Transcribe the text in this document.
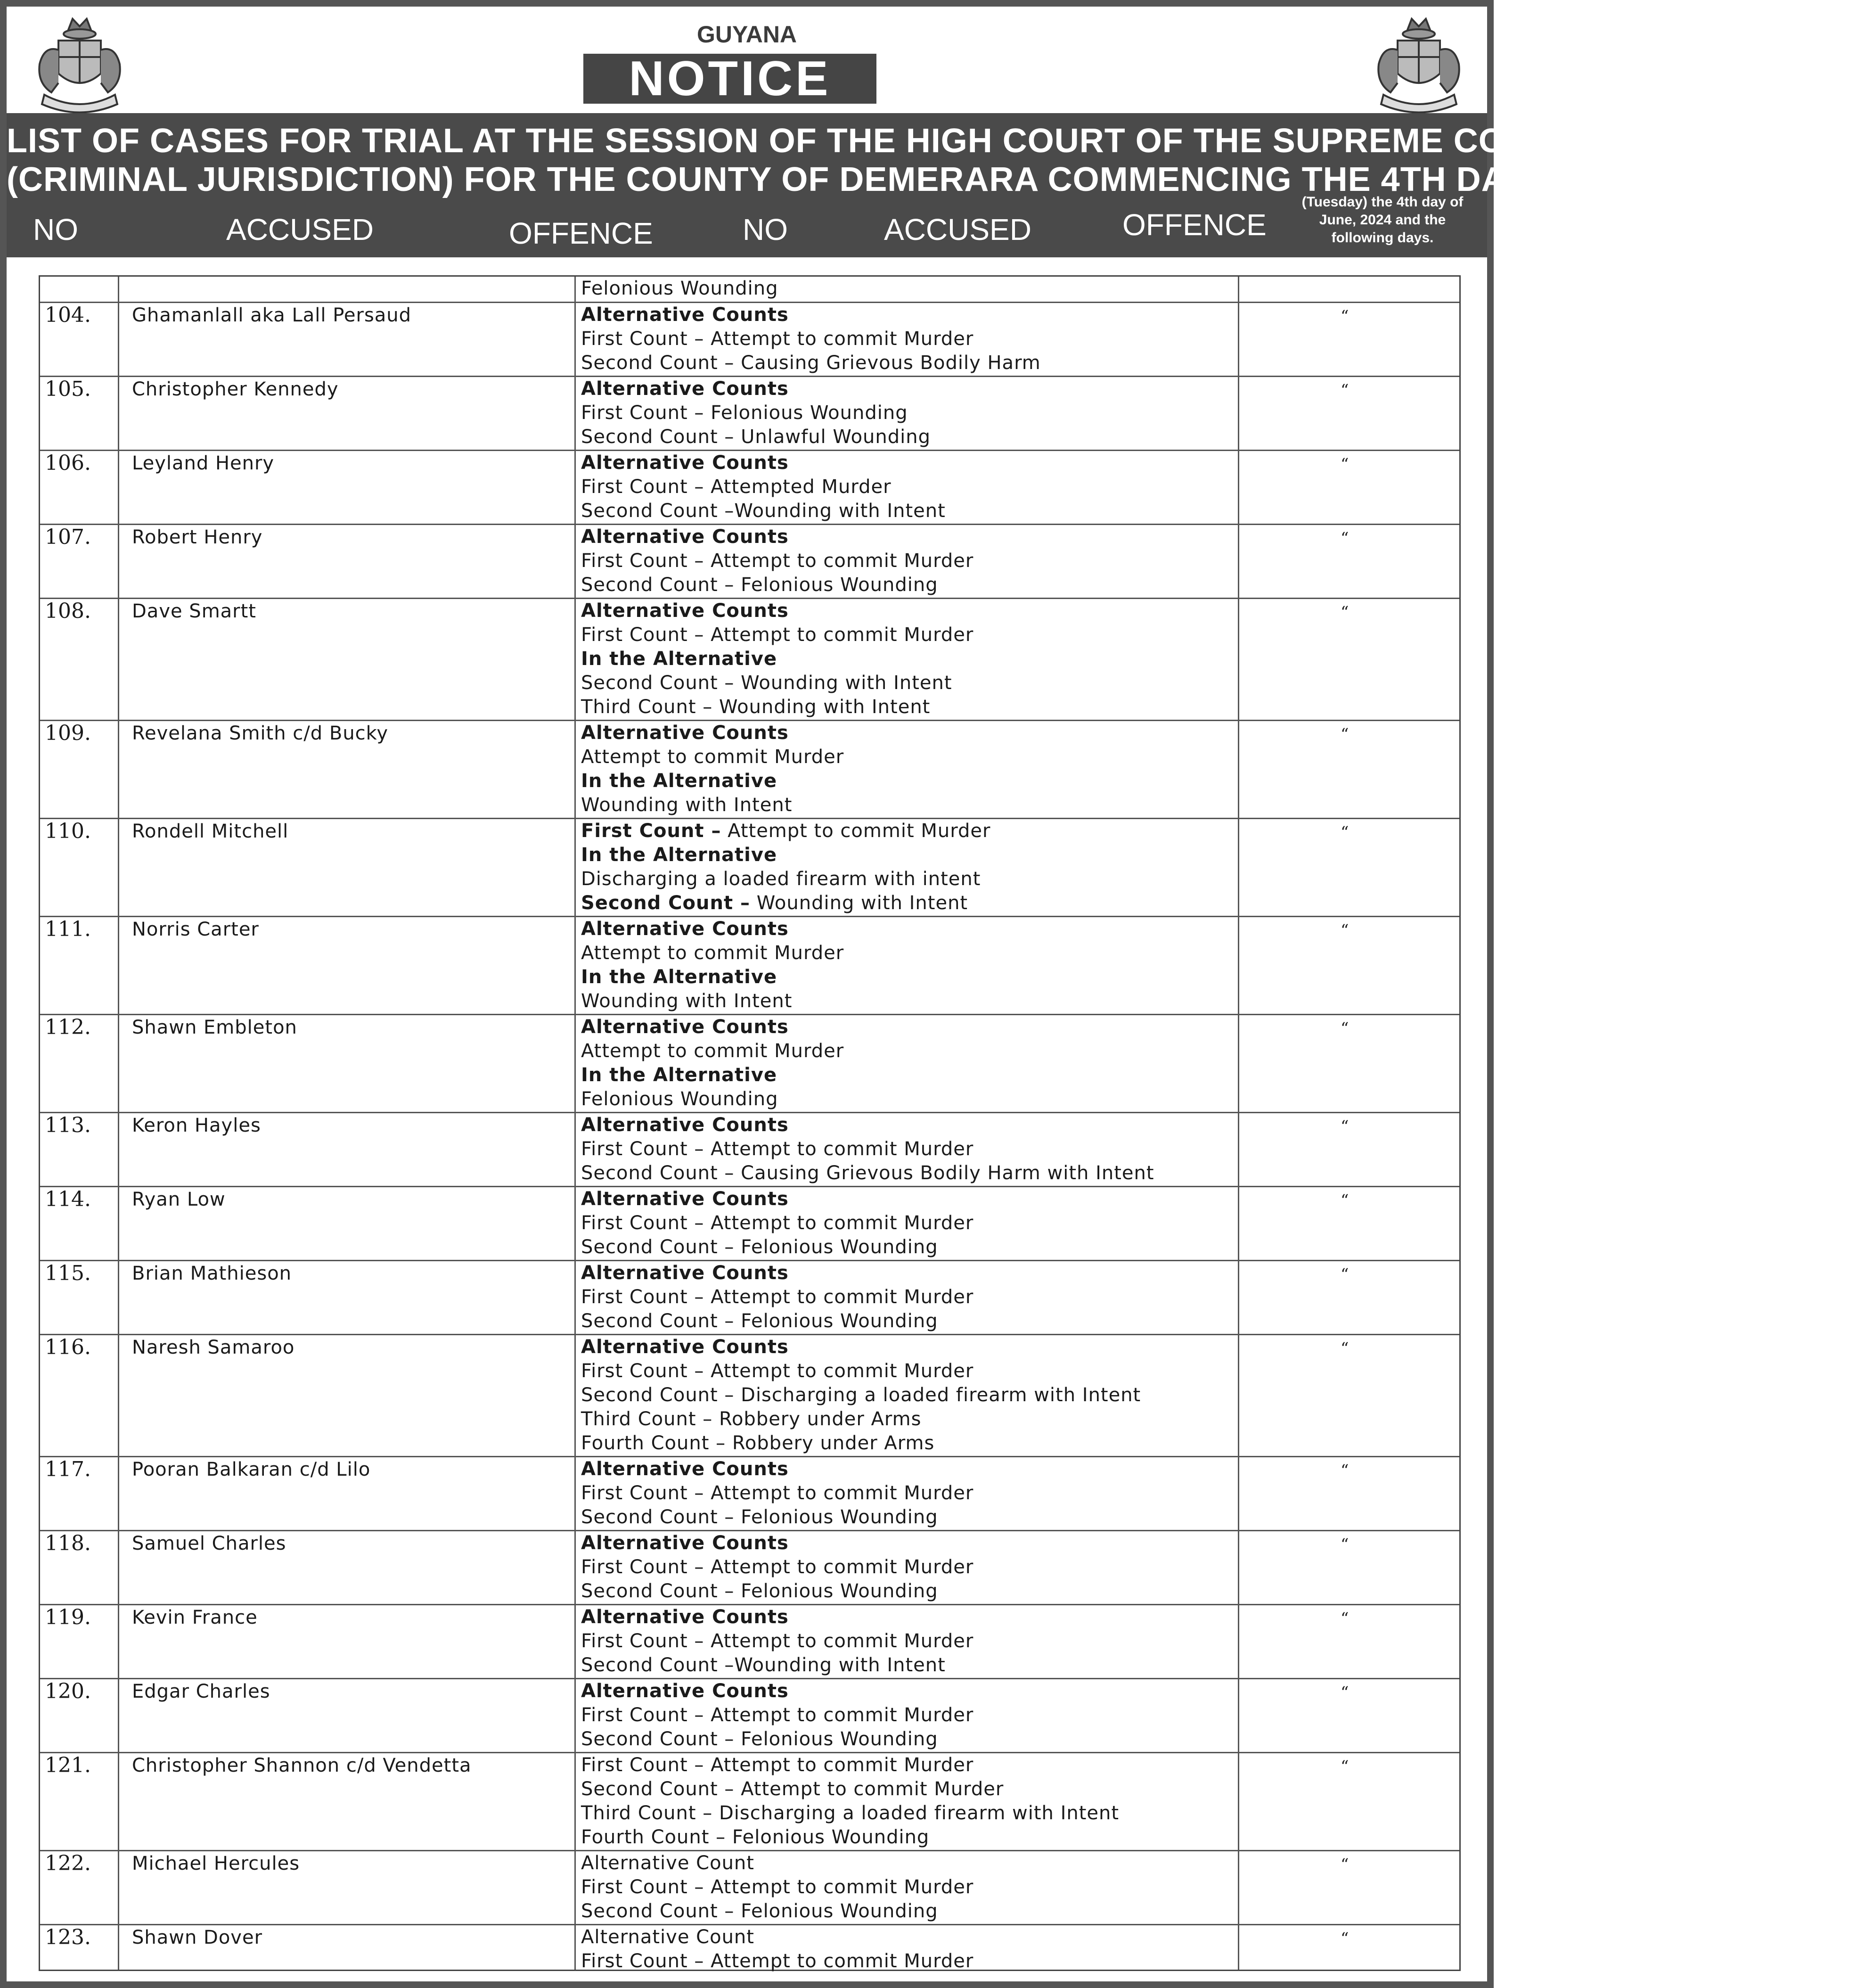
GUYANA
NOTICE
LIST OF CASES FOR TRIAL AT THE SESSION OF THE HIGH COURT OF THE SUPREME COURT OF JUDICATURE
(CRIMINAL JURISDICTION) FOR THE COUNTY OF DEMERARA COMMENCING THE 4TH DAY OF JUNE, 2024.
NO	ACCUSED	OFFENCE	NO	ACCUSED	OFFENCE
(Tuesday) the 4th day of
June, 2024 and the
following days.
Felonious Wounding
104.	Ghamanlall aka Lall Persaud	Alternative Counts
First Count – Attempt to commit Murder
Second Count – Causing Grievous Bodily Harm
“
105.	Christopher Kennedy	Alternative Counts
First Count – Felonious Wounding
Second Count – Unlawful Wounding
“
106.	Leyland Henry	Alternative Counts
First Count – Attempted Murder
Second Count –Wounding with Intent
“
107.	Robert Henry	Alternative Counts
First Count – Attempt to commit Murder
Second Count – Felonious Wounding
“
108.	Dave Smartt	Alternative Counts
First Count – Attempt to commit Murder
In the Alternative
Second Count – Wounding with Intent
Third Count – Wounding with Intent
“
109.	Revelana Smith c/d Bucky	Alternative Counts
Attempt to commit Murder
In the Alternative
Wounding with Intent
“
110.	Rondell Mitchell	First Count – Attempt to commit Murder
In the Alternative
Discharging a loaded firearm with intent
Second Count – Wounding with Intent
“
111.	Norris Carter	Alternative Counts
Attempt to commit Murder
In the Alternative
Wounding with Intent
“
112.	Shawn Embleton	Alternative Counts
Attempt to commit Murder
In the Alternative
Felonious Wounding
“
113.	Keron Hayles	Alternative Counts
First Count – Attempt to commit Murder
Second Count – Causing Grievous Bodily Harm with Intent
“
114.	Ryan Low	Alternative Counts
First Count – Attempt to commit Murder
Second Count – Felonious Wounding
“
115.	Brian Mathieson	Alternative Counts
First Count – Attempt to commit Murder
Second Count – Felonious Wounding
“
116.	Naresh Samaroo	Alternative Counts
First Count – Attempt to commit Murder
Second Count – Discharging a loaded firearm with Intent
Third Count – Robbery under Arms
Fourth Count – Robbery under Arms
“
117.	Pooran Balkaran c/d Lilo	Alternative Counts
First Count – Attempt to commit Murder
Second Count – Felonious Wounding
“
118.	Samuel Charles	Alternative Counts
First Count – Attempt to commit Murder
Second Count – Felonious Wounding
“
119.	Kevin France	Alternative Counts
First Count – Attempt to commit Murder
Second Count –Wounding with Intent
“
120.	Edgar Charles	Alternative Counts
First Count – Attempt to commit Murder
Second Count – Felonious Wounding
“
121.	Christopher Shannon c/d Vendetta	First Count – Attempt to commit Murder
Second Count – Attempt to commit Murder
Third Count – Discharging a loaded firearm with Intent
Fourth Count – Felonious Wounding
“
122.	Michael Hercules	Alternative Count
First Count – Attempt to commit Murder
Second Count – Felonious Wounding
“
123.	Shawn Dover	Alternative Count
First Count – Attempt to commit Murder
“
